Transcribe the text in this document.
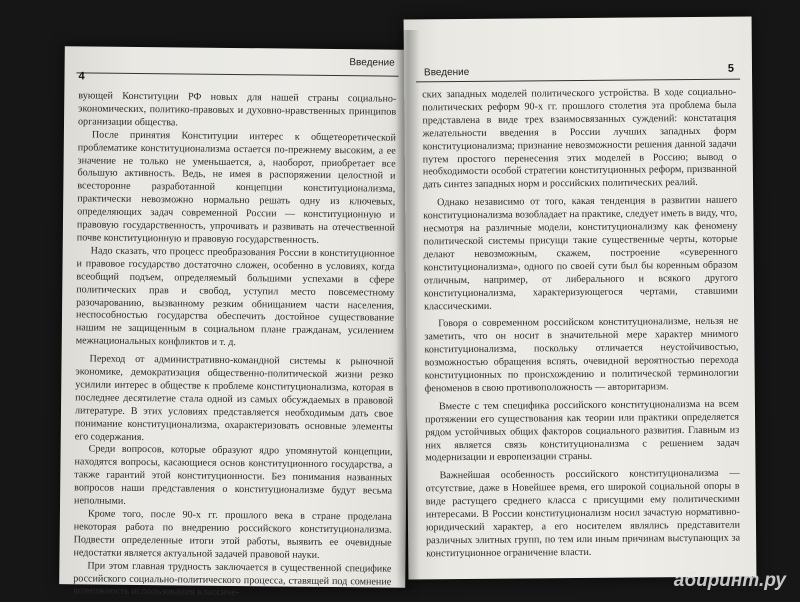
Введение
4

вующей Конституции РФ новых для нашей страны социально-экономических, политико-правовых и духовно-нравственных принципов организации общества.

После принятия Конституции интерес к общетеоретической проблематике конституционализма остается по-прежнему высоким, а ее значение не только не уменьшается, а, наоборот, приобретает все большую активность. Ведь, не имея в распоряжении целостной и всесторонне разработанной концепции конституционализма, практически невозможно нормально решать одну из ключевых, определяющих задач современной России — конституционную и правовую государственность, упрочивать и развивать на отечественной почве конституционную и правовую государственность.

Надо сказать, что процесс преобразования России в конституционное и правовое государство достаточно сложен, особенно в условиях, когда всеобщий подъем, определяемый большими успехами в сфере политических прав и свобод, уступил место повсеместному разочарованию, вызванному резким обнищанием части населения, неспособностью государства обеспечить достойное существование нашим не защищенным в социальном плане гражданам, усилением межнациональных конфликтов и т. д.

Переход от административно-командной системы к рыночной экономике, демократизация общественно-политической жизни резко усилили интерес в обществе к проблеме конституционализма, которая в последнее десятилетие стала одной из самых обсуждаемых в правовой литературе. В этих условиях представляется необходимым дать свое понимание конституционализма, охарактеризовать основные элементы его содержания.

Среди вопросов, которые образуют ядро упомянутой концепции, находятся вопросы, касающиеся основ конституционного государства, а также гарантий этой конституционности. Без понимания названных вопросов наши представления о конституционализме будут весьма неполными.

Кроме того, после 90-х гг. прошлого века в стране проделана некоторая работа по внедрению российского конституционализма. Подвести определенные итоги этой работы, выявить ее очевидные недостатки является актуальной задачей правовой науки.

При этом главная трудность заключается в существенной специфике российского социально-политического процесса, ставящей под сомнение возможность использования классиче-

Введение	5

ских западных моделей политического устройства. В ходе социально-политических реформ 90-х гг. прошлого столетия эта проблема была представлена в виде трех взаимосвязанных суждений: констатация желательности введения в России лучших западных форм конституционализма; признание невозможности решения данной задачи путем простого перенесения этих моделей в Россию; вывод о необходимости особой стратегии конституционных реформ, призванной дать синтез западных норм и российских политических реалий.

Однако независимо от того, какая тенденция в развитии нашего конституционализма возобладает на практике, следует иметь в виду, что, несмотря на различные модели, конституционализму как феномену политической системы присущи такие существенные черты, которые делают невозможным, скажем, построение «суверенного конституционализма», одного по своей сути был бы коренным образом отличным, например, от либерального и всякого другого конституционализма, характеризующегося чертами, ставшими классическими.

Говоря о современном российском конституционализме, нельзя не заметить, что он носит в значительной мере характер мнимого конституционализма, поскольку отличается неустойчивостью, возможностью обращения вспять, очевидной вероятностью перехода конституционных по происхождению и политической терминологии феноменов в свою противоположность — авторитаризм.

Вместе с тем специфика российского конституционализма на всем протяжении его существования как теории или практики определяется рядом устойчивых общих факторов социального развития. Главным из них является связь конституционализма с решением задач модернизации и европеизации страны.

Важнейшая особенность российского конституционализма — отсутствие, даже в Новейшее время, его широкой социальной опоры в виде растущего среднего класса с присущими ему политическими интересами. В России конституционализм носил зачастую нормативно-юридический характер, а его носителем являлись представители различных элитных групп, по тем или иным причинам выступающих за конституционное ограничение власти.

абиринт.ру
